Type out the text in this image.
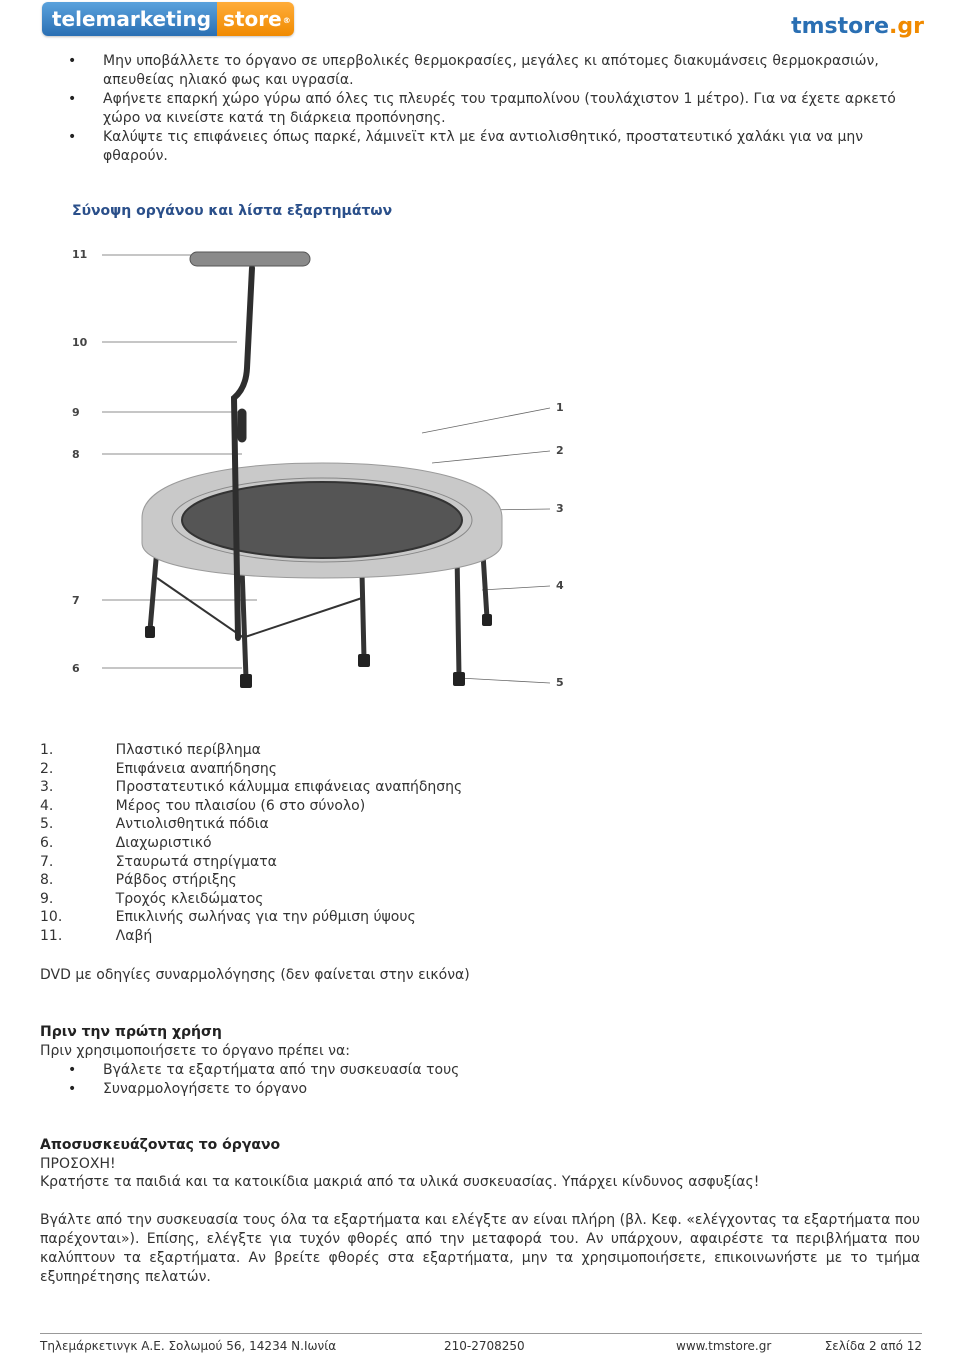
telemarketing store ®	tmstore.gr
• Μην υποβάλλετε το όργανο σε υπερβολικές θερμοκρασίες, μεγάλες κι απότομες διακυμάνσεις θερμοκρασιών, απευθείας ηλιακό φως και υγρασία.
• Αφήνετε επαρκή χώρο γύρω από όλες τις πλευρές του τραμπολίνου (τουλάχιστον 1 μέτρο). Για να έχετε αρκετό χώρο να κινείστε κατά τη διάρκεια προπόνησης.
• Καλύψτε τις επιφάνειες όπως παρκέ, λάμινεϊτ κτλ με ένα αντιολισθητικό, προστατευτικό χαλάκι για να μην φθαρούν.
Σύνοψη οργάνου και λίστα εξαρτημάτων
11
10
9
8
7
6
1
2
3
4
5
1.	Πλαστικό περίβλημα
2.	Επιφάνεια αναπήδησης
3.	Προστατευτικό κάλυμμα επιφάνειας αναπήδησης
4.	Μέρος του πλαισίου (6 στο σύνολο)
5.	Αντιολισθητικά πόδια
6.	Διαχωριστικό
7.	Σταυρωτά στηρίγματα
8.	Ράβδος στήριξης
9.	Τροχός κλειδώματος
10.	Επικλινής σωλήνας για την ρύθμιση ύψους
11.	Λαβή

DVD με οδηγίες συναρμολόγησης (δεν φαίνεται στην εικόνα)

Πριν την πρώτη χρήση

Πριν χρησιμοποιήσετε το όργανο πρέπει να:

• Βγάλετε τα εξαρτήματα από την συσκευασία τους
• Συναρμολογήσετε το όργανο

Αποσυσκευάζοντας το όργανο

ΠΡΟΣΟΧΗ!

Κρατήστε τα παιδιά και τα κατοικίδια μακριά από τα υλικά συσκευασίας. Υπάρχει κίνδυνος ασφυξίας!

Βγάλτε από την συσκευασία τους όλα τα εξαρτήματα και ελέγξτε αν είναι πλήρη (βλ. Κεφ. «ελέγχοντας τα εξαρτήματα που παρέχονται»). Επίσης, ελέγξτε για τυχόν φθορές από την μεταφορά του. Αν υπάρχουν, αφαιρέστε τα περιβλήματα που καλύπτουν τα εξαρτήματα. Αν βρείτε φθορές στα εξαρτήματα, μην τα χρησιμοποιήσετε, επικοινωνήστε με το τμήμα εξυπηρέτησης πελατών.

Τηλεμάρκετινγκ Α.Ε. Σολωμού 56, 14234 Ν.Ιωνία	210-2708250	www.tmstore.gr	Σελίδα 2 από 12
